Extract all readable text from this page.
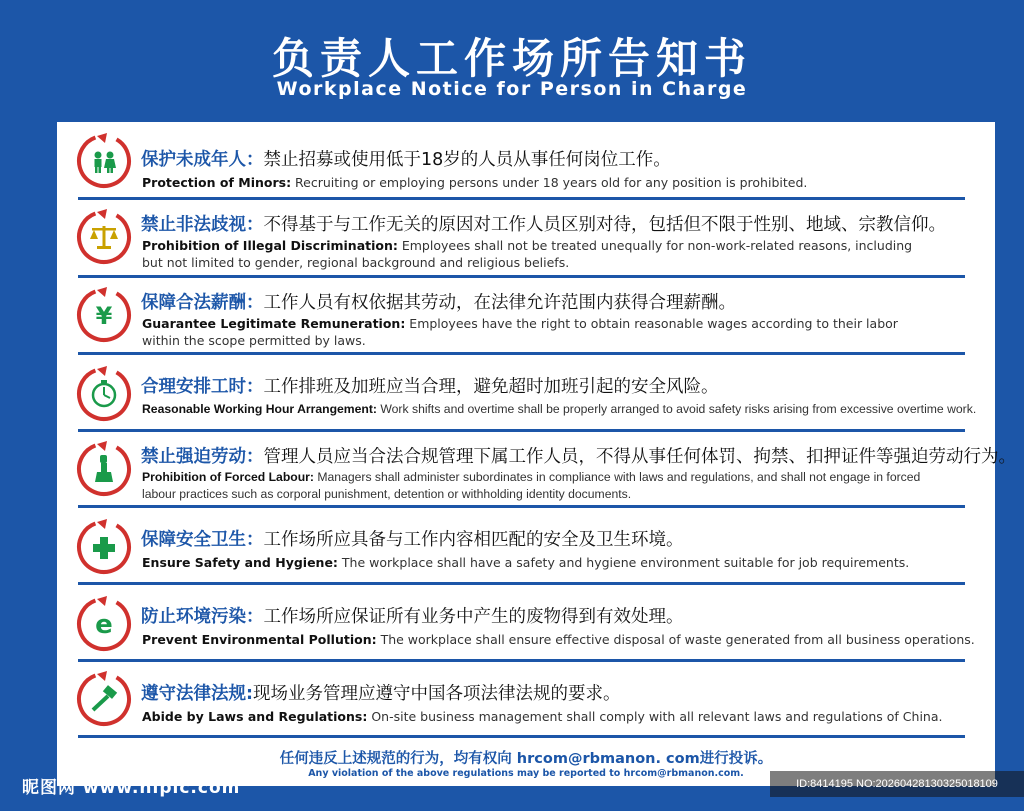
负责人工作场所告知书
Workplace Notice for Person in Charge
保护未成年人：禁止招募或使用低于18岁的人员从事任何岗位工作。
Protection of Minors: Recruiting or employing persons under 18 years old for any position is prohibited.
禁止非法歧视：不得基于与工作无关的原因对工作人员区别对待，包括但不限于性别、地域、宗教信仰。
Prohibition of Illegal Discrimination: Employees shall not be treated unequally for non-work-related reasons, including
but not limited to gender, regional background and religious beliefs.
¥ 保障合法薪酬：工作人员有权依据其劳动，在法律允许范围内获得合理薪酬。
Guarantee Legitimate Remuneration: Employees have the right to obtain reasonable wages according to their labor
within the scope permitted by laws.
合理安排工时：工作排班及加班应当合理，避免超时加班引起的安全风险。
Reasonable Working Hour Arrangement: Work shifts and overtime shall be properly arranged to avoid safety risks arising from excessive overtime work.
禁止强迫劳动：管理人员应当合法合规管理下属工作人员，不得从事任何体罚、拘禁、扣押证件等强迫劳动行为。
Prohibition of Forced Labour: Managers shall administer subordinates in compliance with laws and regulations, and shall not engage in forced
labour practices such as corporal punishment, detention or withholding identity documents.
保障安全卫生：工作场所应具备与工作内容相匹配的安全及卫生环境。
Ensure Safety and Hygiene: The workplace shall have a safety and hygiene environment suitable for job requirements.
e 防止环境污染：工作场所应保证所有业务中产生的废物得到有效处理。
Prevent Environmental Pollution: The workplace shall ensure effective disposal of waste generated from all business operations.
遵守法律法规:现场业务管理应遵守中国各项法律法规的要求。
Abide by Laws and Regulations: On-site business management shall comply with all relevant laws and regulations of China.
任何违反上述规范的行为，均有权向 hrcom@rbmanon. com进行投诉。
Any violation of the above regulations may be reported to hrcom@rbmanon.com.
昵图网 www.nipic.com	ID:8414195 NO:20260428130325018109
